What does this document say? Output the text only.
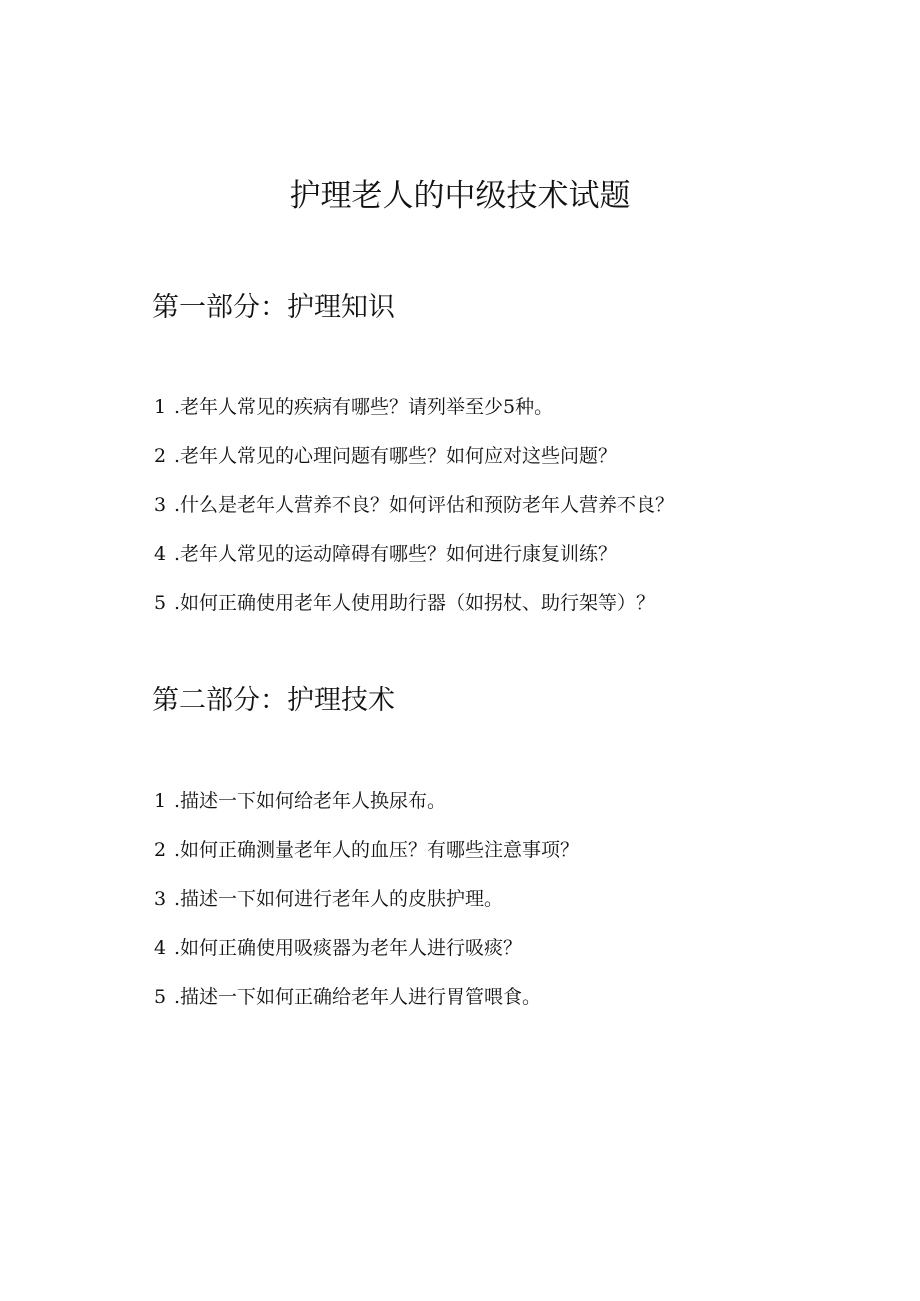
护理老人的中级技术试题
第一部分：护理知识
1 .老年人常见的疾病有哪些？请列举至少5种。
2.老年人常见的心理问题有哪些？如何应对这些问题？
3.什么是老年人营养不良？如何评估和预防老年人营养不良？
4.老年人常见的运动障碍有哪些？如何进行康复训练？
5.如何正确使用老年人使用助行器（如拐杖、助行架等）？
第二部分：护理技术
1 .描述一下如何给老年人换尿布。
2.如何正确测量老年人的血压？有哪些注意事项？
3.描述一下如何进行老年人的皮肤护理。
4.如何正确使用吸痰器为老年人进行吸痰？
5.描述一下如何正确给老年人进行胃管喂食。
